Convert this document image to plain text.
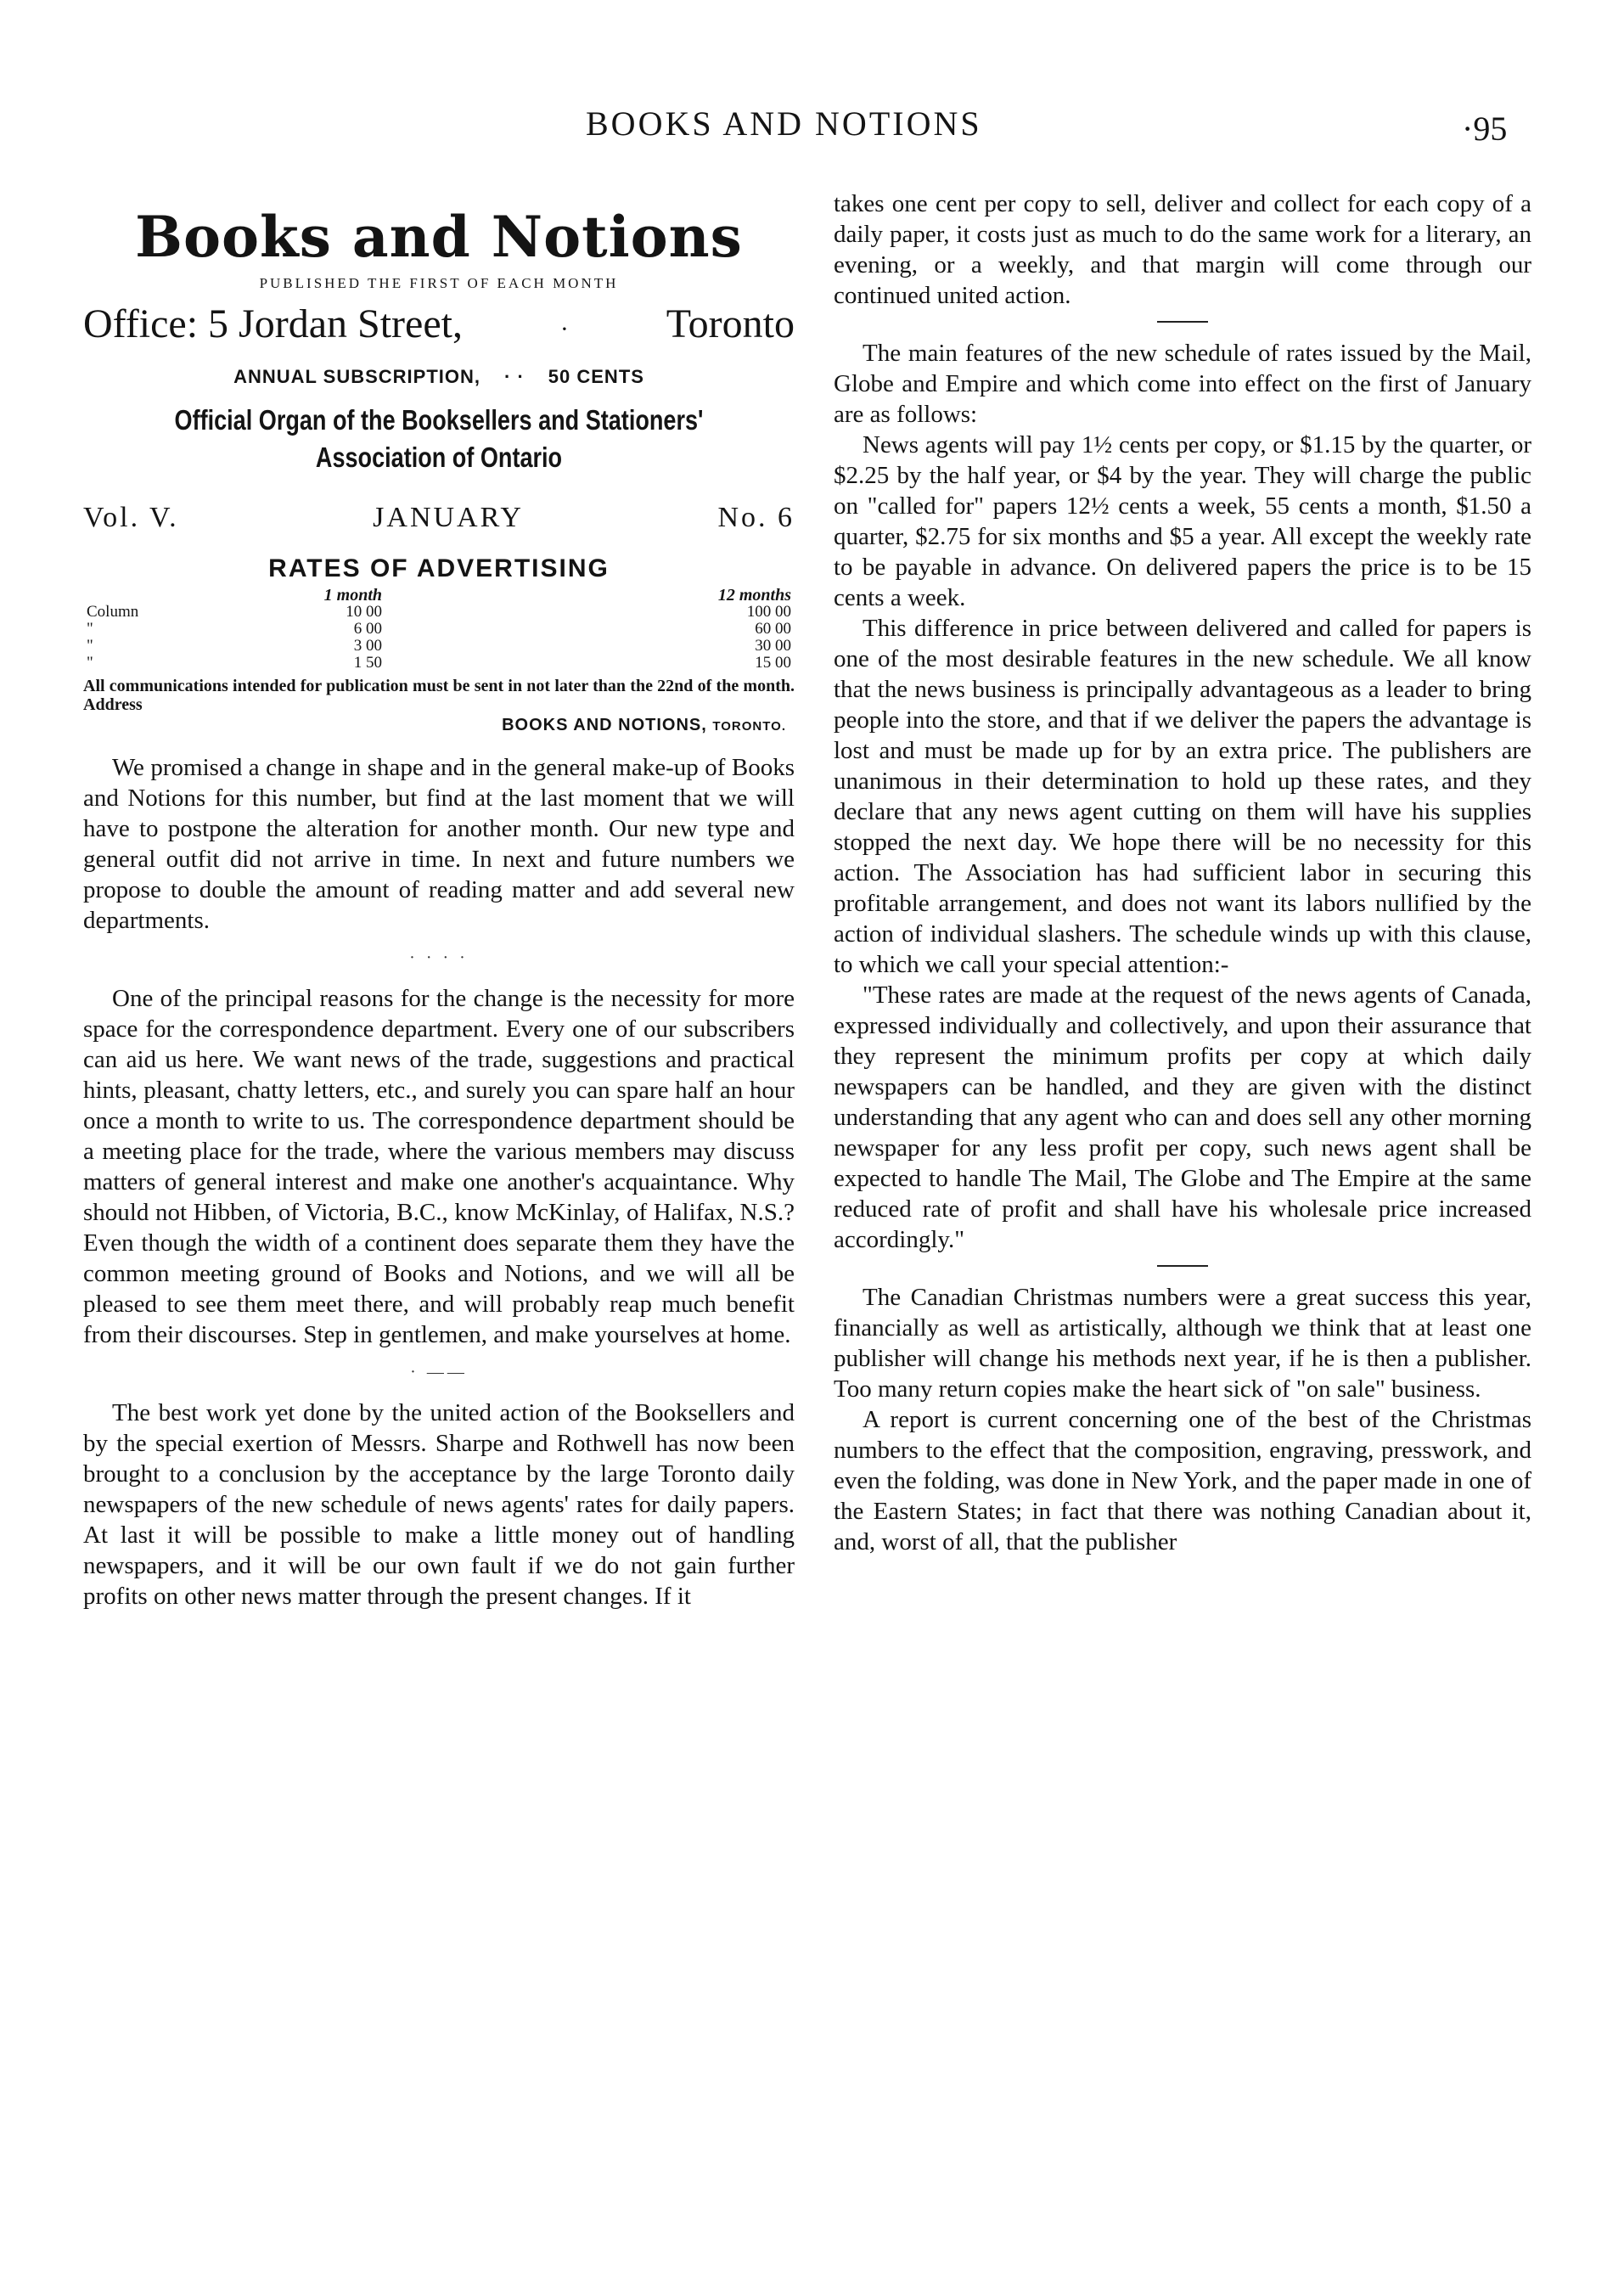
BOOKS AND NOTIONS	·95
Books and Notions
PUBLISHED THE FIRST OF EACH MONTH
Office: 5 Jordan Street,	· Toronto
ANNUAL SUBSCRIPTION, · · 50 CENTS
Official Organ of the Booksellers and Stationers' Association of Ontario
Vol. V.	JANUARY	No. 6
RATES OF ADVERTISING
	1 month		12 months
Column	10 00		100 00
"	6 00		60 00
"	3 00		30 00
"	1 50		15 00
All communications intended for publication must be sent in not later than the 22nd of the month. Address
BOOKS AND NOTIONS, TORONTO.

We promised a change in shape and in the general make-up of Books and Notions for this number, but find at the last moment that we will have to postpone the alteration for another month. Our new type and general outfit did not arrive in time. In next and future numbers we propose to double the amount of reading matter and add several new departments.

· · · ·

One of the principal reasons for the change is the necessity for more space for the correspondence department. Every one of our subscribers can aid us here. We want news of the trade, suggestions and practical hints, pleasant, chatty letters, etc., and surely you can spare half an hour once a month to write to us. The correspondence department should be a meeting place for the trade, where the various members may discuss matters of general interest and make one another's acquaintance. Why should not Hibben, of Victoria, B.C., know McKinlay, of Halifax, N.S.? Even though the width of a continent does separate them they have the common meeting ground of Books and Notions, and we will all be pleased to see them meet there, and will probably reap much benefit from their discourses. Step in gentlemen, and make yourselves at home.

· ——

The best work yet done by the united action of the Booksellers and by the special exertion of Messrs. Sharpe and Rothwell has now been brought to a conclusion by the acceptance by the large Toronto daily newspapers of the new schedule of news agents' rates for daily papers. At last it will be possible to make a little money out of handling newspapers, and it will be our own fault if we do not gain further profits on other news matter through the present changes. If it

takes one cent per copy to sell, deliver and collect for each copy of a daily paper, it costs just as much to do the same work for a literary, an evening, or a weekly, and that margin will come through our continued united action.

The main features of the new schedule of rates issued by the Mail, Globe and Empire and which come into effect on the first of January are as follows:

News agents will pay 1½ cents per copy, or $1.15 by the quarter, or $2.25 by the half year, or $4 by the year. They will charge the public on "called for" papers 12½ cents a week, 55 cents a month, $1.50 a quarter, $2.75 for six months and $5 a year. All except the weekly rate to be payable in advance. On delivered papers the price is to be 15 cents a week.

This difference in price between delivered and called for papers is one of the most desirable features in the new schedule. We all know that the news business is principally advantageous as a leader to bring people into the store, and that if we deliver the papers the advantage is lost and must be made up for by an extra price. The publishers are unanimous in their determination to hold up these rates, and they declare that any news agent cutting on them will have his supplies stopped the next day. We hope there will be no necessity for this action. The Association has had sufficient labor in securing this profitable arrangement, and does not want its labors nullified by the action of individual slashers. The schedule winds up with this clause, to which we call your special attention:-

"These rates are made at the request of the news agents of Canada, expressed individually and collectively, and upon their assurance that they represent the minimum profits per copy at which daily newspapers can be handled, and they are given with the distinct understanding that any agent who can and does sell any other morning newspaper for any less profit per copy, such news agent shall be expected to handle The Mail, The Globe and The Empire at the same reduced rate of profit and shall have his wholesale price increased accordingly."

The Canadian Christmas numbers were a great success this year, financially as well as artistically, although we think that at least one publisher will change his methods next year, if he is then a publisher. Too many return copies make the heart sick of "on sale" business.

A report is current concerning one of the best of the Christmas numbers to the effect that the composition, engraving, presswork, and even the folding, was done in New York, and the paper made in one of the Eastern States; in fact that there was nothing Canadian about it, and, worst of all, that the publisher
